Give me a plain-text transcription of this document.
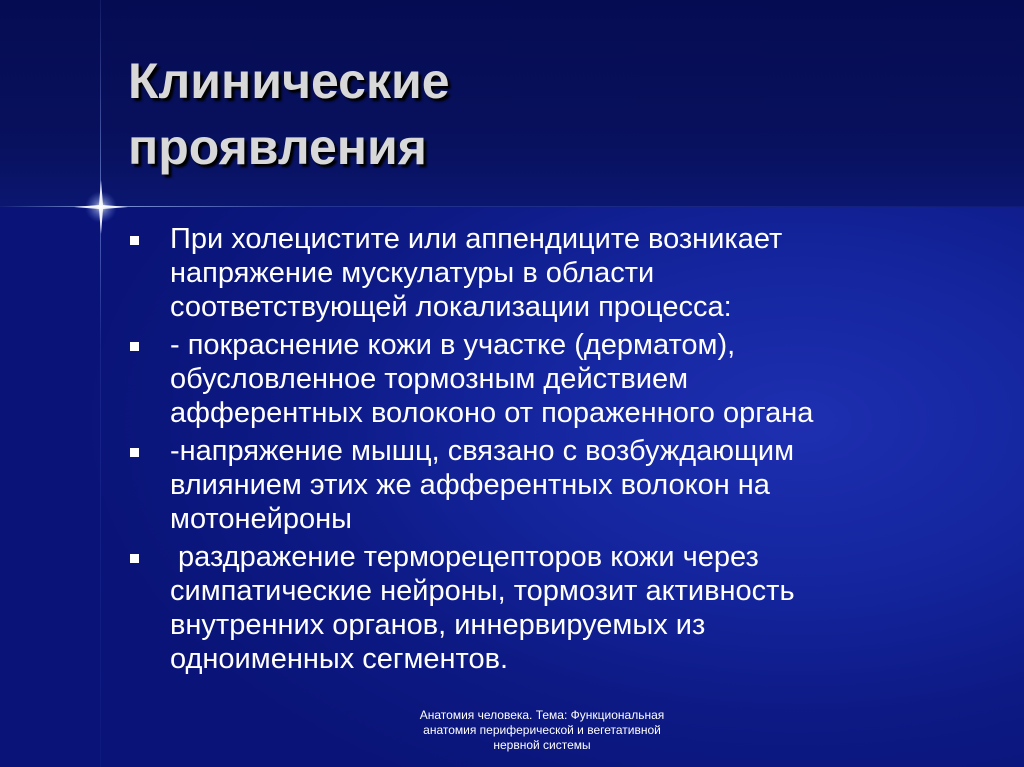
Клинические
проявления
При холецистите или аппендиците возникает
напряжение мускулатуры в области
соответствующей локализации процесса:
- покраснение кожи в участке (дерматом),
обусловленное тормозным действием
афферентных волоконо от пораженного органа
-напряжение мышц, связано с возбуждающим
влиянием этих же афферентных волокон на
мотонейроны
раздражение терморецепторов кожи через
симпатические нейроны, тормозит активность
внутренних органов, иннервируемых из
одноименных сегментов.
Анатомия человека. Тема: Функциональная
анатомия периферической и вегетативной
нервной системы
